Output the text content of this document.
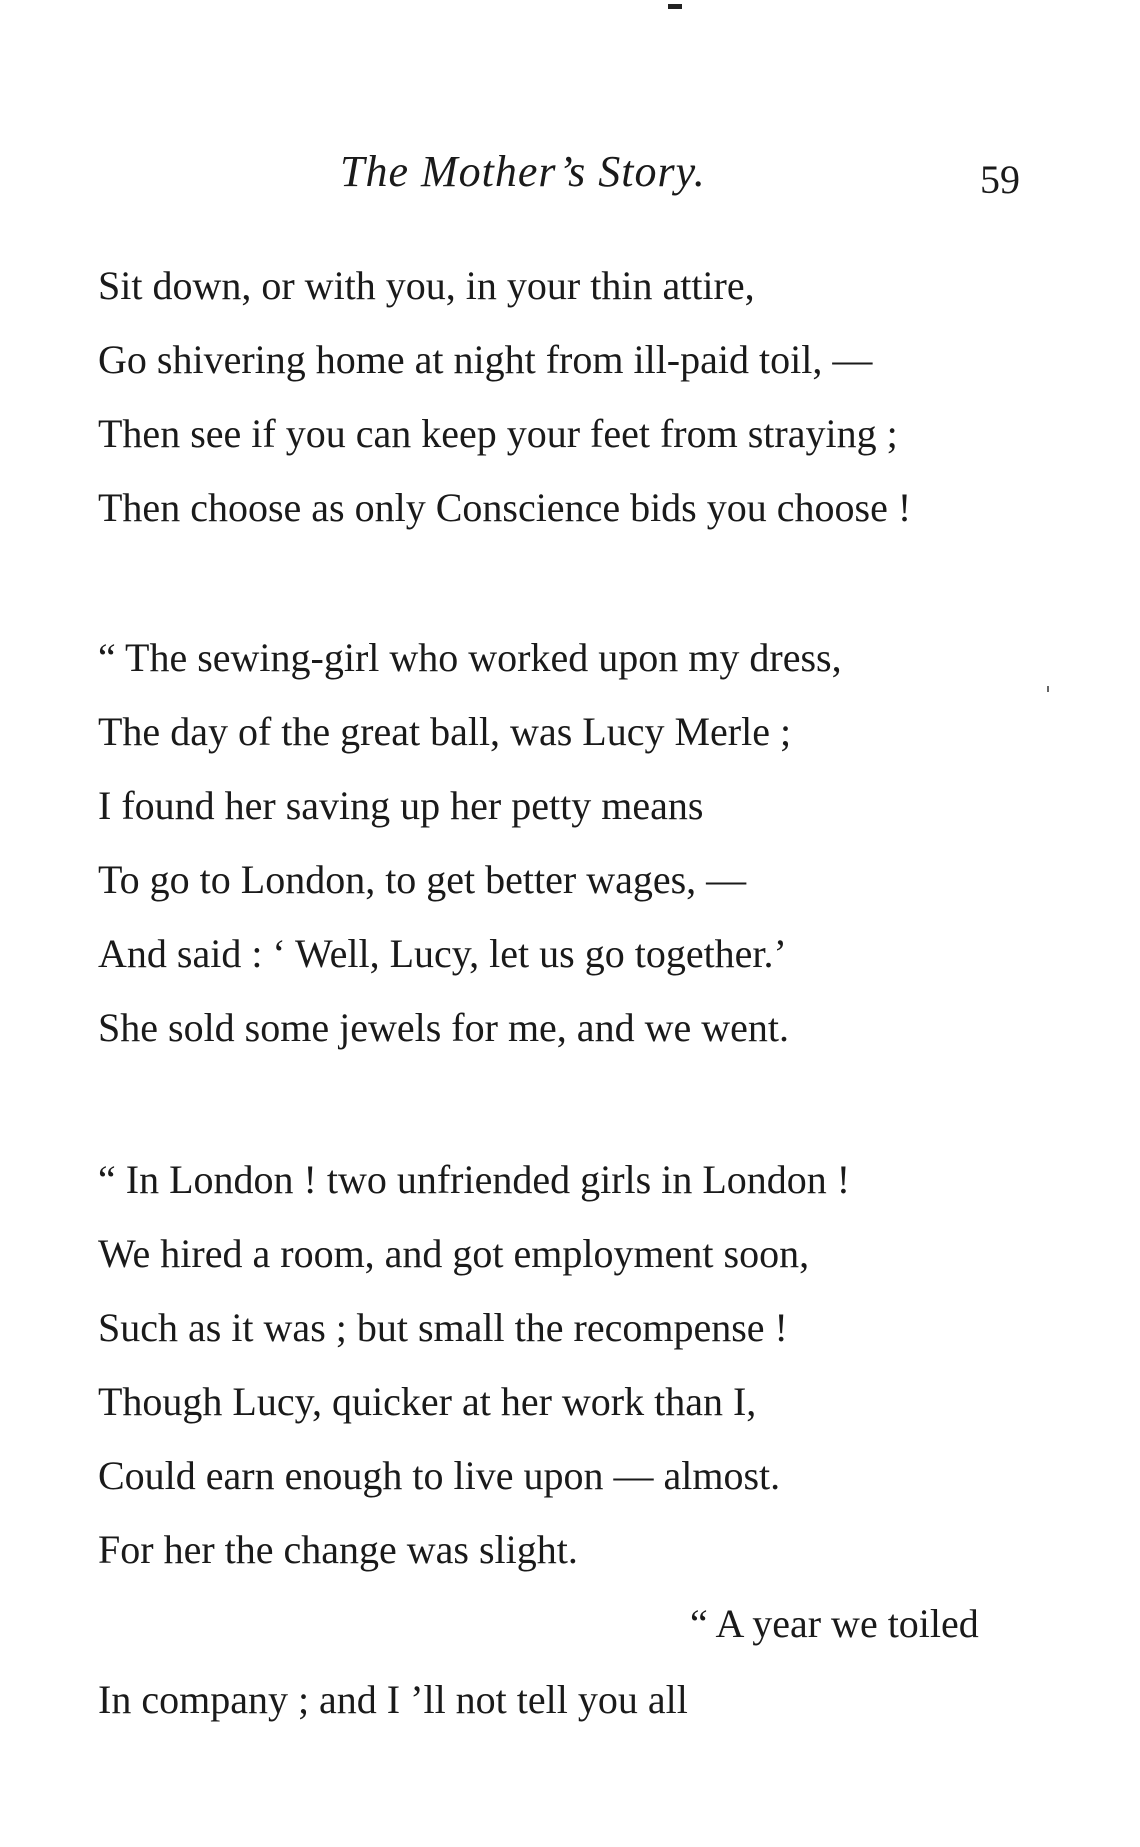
The Mother’s Story.	59
Sit down, or with you, in your thin attire,
Go shivering home at night from ill-paid toil, —
Then see if you can keep your feet from straying ;
Then choose as only Conscience bids you choose !
“ The sewing-girl who worked upon my dress,
The day of the great ball, was Lucy Merle ;
I found her saving up her petty means
To go to London, to get better wages, —
And said : ‘ Well, Lucy, let us go together.’
She sold some jewels for me, and we went.
“ In London ! two unfriended girls in London !
We hired a room, and got employment soon,
Such as it was ; but small the recompense !
Though Lucy, quicker at her work than I,
Could earn enough to live upon — almost.
For her the change was slight.
“ A year we toiled
In company ; and I ’ll not tell you all
